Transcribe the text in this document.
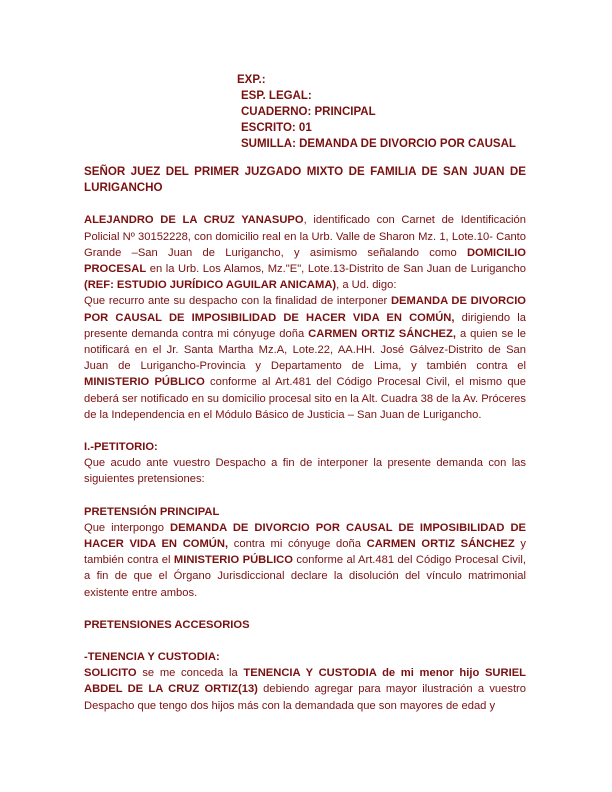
EXP.:
ESP. LEGAL:
CUADERNO: PRINCIPAL
ESCRITO: 01
SUMILLA: DEMANDA DE DIVORCIO POR CAUSAL

SEÑOR JUEZ DEL PRIMER JUZGADO MIXTO DE FAMILIA DE SAN JUAN DE LURIGANCHO

ALEJANDRO DE LA CRUZ YANASUPO, identificado con Carnet de Identificación Policial Nº 30152228, con domicilio real en la Urb. Valle de Sharon Mz. 1, Lote.10- Canto Grande –San Juan de Lurigancho, y asimismo señalando como DOMICILIO PROCESAL en la Urb. Los Alamos, Mz."E", Lote.13-Distrito de San Juan de Lurigancho (REF: ESTUDIO JURÍDICO AGUILAR ANICAMA), a Ud. digo:

Que recurro ante su despacho con la finalidad de interponer DEMANDA DE DIVORCIO POR CAUSAL DE IMPOSIBILIDAD DE HACER VIDA EN COMÚN, dirigiendo la presente demanda contra mi cónyuge doña CARMEN ORTIZ SÁNCHEZ, a quien se le notificará en el Jr. Santa Martha Mz.A, Lote.22, AA.HH. José Gálvez-Distrito de San Juan de Lurigancho-Provincia y Departamento de Lima, y también contra el MINISTERIO PÚBLICO conforme al Art.481 del Código Procesal Civil, el mismo que deberá ser notificado en su domicilio procesal sito en la Alt. Cuadra 38 de la Av. Próceres de la Independencia en el Módulo Básico de Justicia – San Juan de Lurigancho.

I.-PETITORIO:

Que acudo ante vuestro Despacho a fin de interponer la presente demanda con las siguientes pretensiones:

PRETENSIÓN PRINCIPAL

Que interpongo DEMANDA DE DIVORCIO POR CAUSAL DE IMPOSIBILIDAD DE HACER VIDA EN COMÚN, contra mi cónyuge doña CARMEN ORTIZ SÁNCHEZ y también contra el MINISTERIO PÚBLICO conforme al Art.481 del Código Procesal Civil, a fin de que el Órgano Jurisdiccional declare la disolución del vínculo matrimonial existente entre ambos.

PRETENSIONES ACCESORIOS

-TENENCIA Y CUSTODIA:

SOLICITO se me conceda la TENENCIA Y CUSTODIA de mi menor hijo SURIEL ABDEL DE LA CRUZ ORTIZ(13) debiendo agregar para mayor ilustración a vuestro Despacho que tengo dos hijos más con la demandada que son mayores de edad y
